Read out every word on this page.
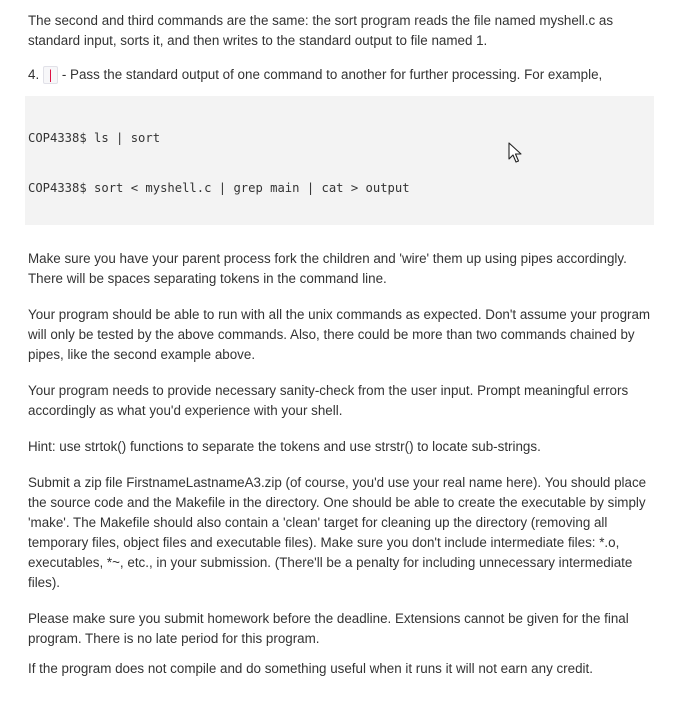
The second and third commands are the same: the sort program reads the file named myshell.c as standard input, sorts it, and then writes to the standard output to file named 1.

4. | - Pass the standard output of one command to another for further processing. For example,

COP4338$ ls | sort
COP4338$ sort < myshell.c | grep main | cat > output

Make sure you have your parent process fork the children and 'wire' them up using pipes accordingly. There will be spaces separating tokens in the command line.

Your program should be able to run with all the unix commands as expected. Don't assume your program will only be tested by the above commands. Also, there could be more than two commands chained by pipes, like the second example above.

Your program needs to provide necessary sanity-check from the user input. Prompt meaningful errors accordingly as what you'd experience with your shell.

Hint: use strtok() functions to separate the tokens and use strstr() to locate sub-strings.

Submit a zip file FirstnameLastnameA3.zip (of course, you'd use your real name here). You should place the source code and the Makefile in the directory. One should be able to create the executable by simply 'make'. The Makefile should also contain a 'clean' target for cleaning up the directory (removing all temporary files, object files and executable files). Make sure you don't include intermediate files: *.o, executables, *~, etc., in your submission. (There'll be a penalty for including unnecessary intermediate files).

Please make sure you submit homework before the deadline. Extensions cannot be given for the final program. There is no late period for this program.

If the program does not compile and do something useful when it runs it will not earn any credit.
